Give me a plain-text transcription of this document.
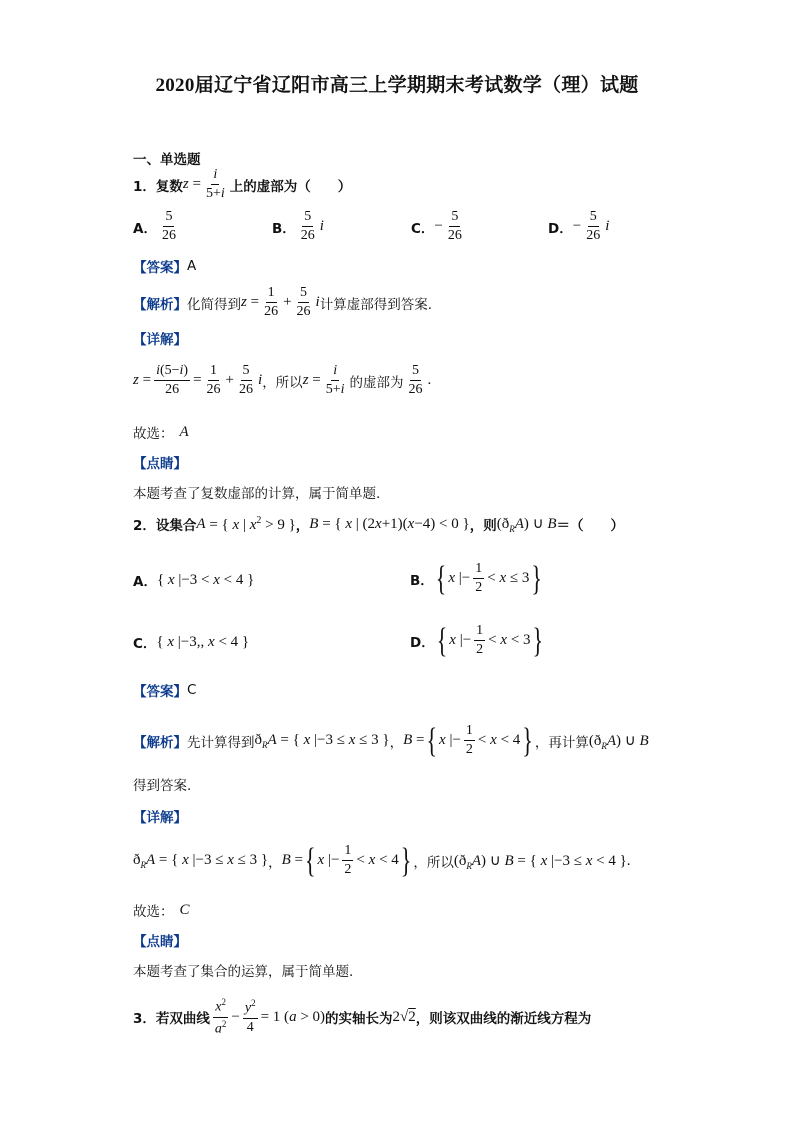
2020届辽宁省辽阳市高三上学期期末考试数学（理）试题
一、单选题
1．复数 $z = \frac{i}{5+i}$ 上的虚部为（　　）
A． $\frac{5}{26}$	B． $\frac{5}{26}$ i	C． − $\frac{5}{26}$	D． − $\frac{5}{26}$ i
【答案】 A
【解析】 化简得到 $z = \frac{1}{26} + \frac{5}{26}$ i 计算虚部得到答案.
【详解】
$z = \frac{i(5-i)}{26} = \frac{1}{26} + \frac{5}{26}$ i ，所以 $z = \frac{i}{5+i}$ 的虚部为 $\frac{5}{26}$ .
故选： A
【点睛】
本题考查了复数虚部的计算，属于简单题.
2．设集合 A = { x | $x^2 > 9$ } ， B = { x | (2x+1)(x−4) < 0 } ，则 $(ð_RA)$ ∪ B ＝（　　）
A． { x |−3 < x < 4 }	B． { x |− $\frac{1}{2} < x \le 3$ }
C． { x |−3,, x < 4 }	D． { x |− $\frac{1}{2} < x < 3$ }
【答案】 C
【解析】 先计算得到 $ð_RA$ = { x |−3 ≤ x ≤ 3 } ， B = { x |− $\frac{1}{2} < x < 4$ } ，再计算 $(ð_RA)$ ∪ B
得到答案.
【详解】
$ð_RA$ = { x |−3 ≤ x ≤ 3 } ， B = { x |− $\frac{1}{2} < x < 4$ } ，所以 $(ð_RA)$ ∪ B = { x |−3 ≤ x < 4 }.
故选： C
【点睛】
本题考查了集合的运算，属于简单题.
3．若双曲线 $\frac{x^2}{a^2} - \frac{y^2}{4} = 1$ (a > 0) 的实轴长为 2√2 ，则该双曲线的渐近线方程为
